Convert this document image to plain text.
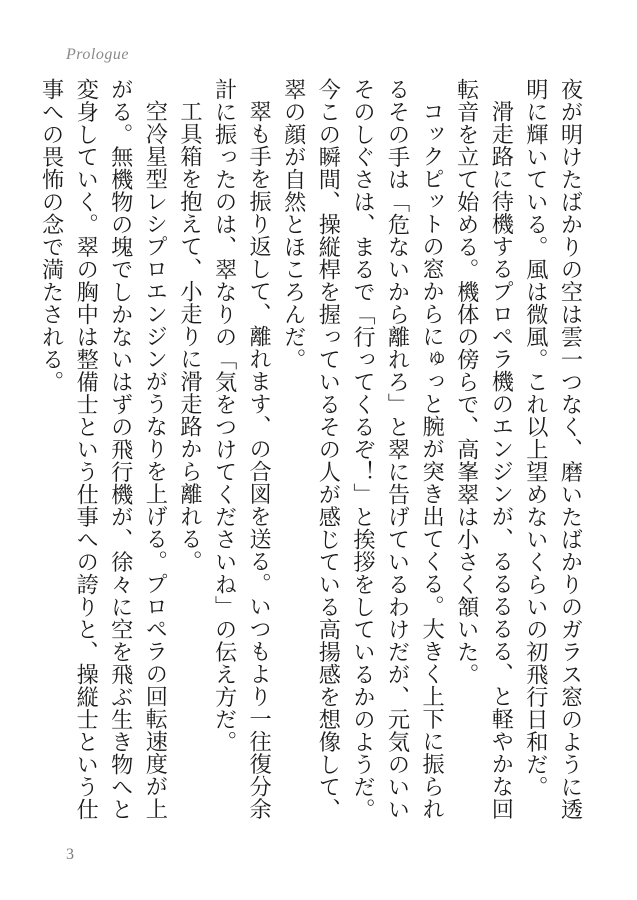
Prologue

夜が明けたばかりの空は雲一つなく、磨いたばかりのガラス窓のように透明に輝いている。風は微風。これ以上望めないくらいの初飛行日和だ。

滑走路に待機するプロペラ機のエンジンが、るるるるる、と軽やかな回転音を立て始める。機体の傍らで、高峯翠は小さく頷いた。

コックピットの窓からにゅっと腕が突き出てくる。大きく上下に振られるその手は「危ないから離れろ」と翠に告げているわけだが、元気のいいそのしぐさは、まるで「行ってくるぞ！」と挨拶をしているかのようだ。今この瞬間、操縦桿を握っているその人が感じている高揚感を想像して、翠の顔が自然とほころんだ。

翠も手を振り返して、離れます、の合図を送る。いつもより一往復分余計に振ったのは、翠なりの「気をつけてくださいね」の伝え方だ。

工具箱を抱えて、小走りに滑走路から離れる。

空冷星型レシプロエンジンがうなりを上げる。プロペラの回転速度が上がる。無機物の塊でしかないはずの飛行機が、徐々に空を飛ぶ生き物へと変身していく。翠の胸中は整備士という仕事への誇りと、操縦士という仕事への畏怖の念で満たされる。

3
